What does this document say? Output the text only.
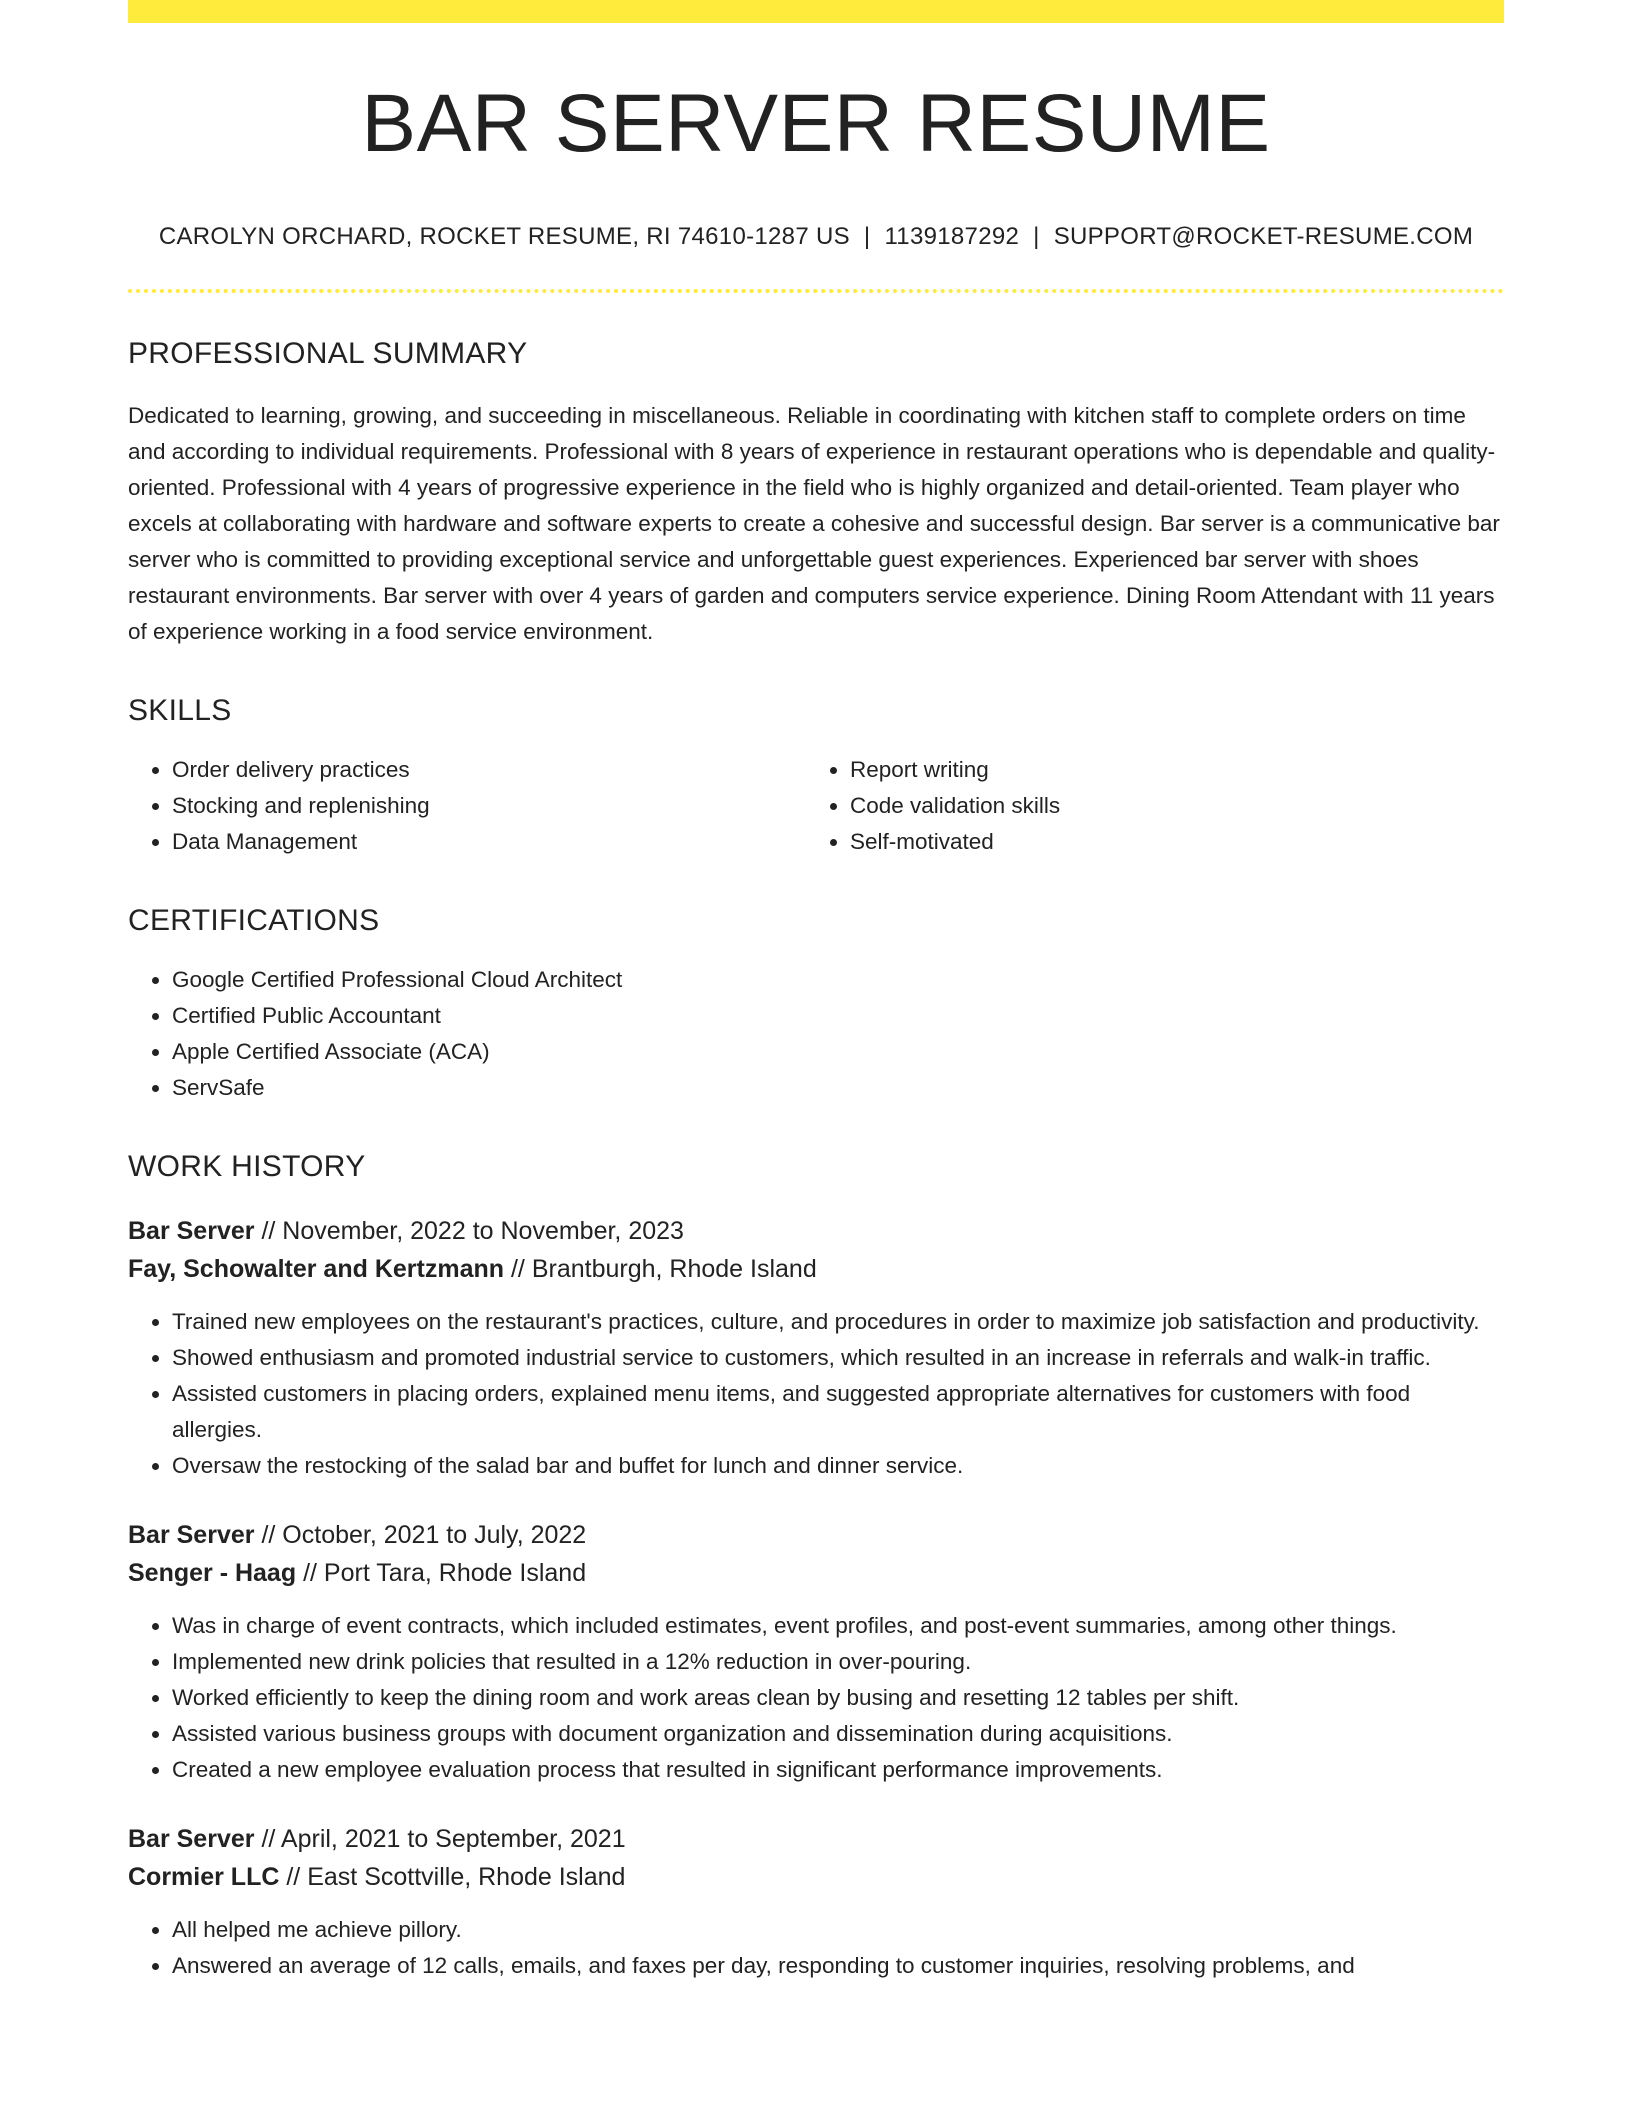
BAR SERVER RESUME
CAROLYN ORCHARD, ROCKET RESUME, RI 74610-1287 US | 1139187292 | SUPPORT@ROCKET-RESUME.COM
PROFESSIONAL SUMMARY

Dedicated to learning, growing, and succeeding in miscellaneous. Reliable in coordinating with kitchen staff to complete orders on time and according to individual requirements. Professional with 8 years of experience in restaurant operations who is dependable and quality-oriented. Professional with 4 years of progressive experience in the field who is highly organized and detail-oriented. Team player who excels at collaborating with hardware and software experts to create a cohesive and successful design. Bar server is a communicative bar server who is committed to providing exceptional service and unforgettable guest experiences. Experienced bar server with shoes restaurant environments. Bar server with over 4 years of garden and computers service experience. Dining Room Attendant with 11 years of experience working in a food service environment.

SKILLS
• Order delivery practices
• Stocking and replenishing
• Data Management
• Report writing
• Code validation skills
• Self-motivated
CERTIFICATIONS
• Google Certified Professional Cloud Architect
• Certified Public Accountant
• Apple Certified Associate (ACA)
• ServSafe
WORK HISTORY
Bar Server // November, 2022 to November, 2023
Fay, Schowalter and Kertzmann // Brantburgh, Rhode Island
• Trained new employees on the restaurant's practices, culture, and procedures in order to maximize job satisfaction and productivity.
• Showed enthusiasm and promoted industrial service to customers, which resulted in an increase in referrals and walk-in traffic.
• Assisted customers in placing orders, explained menu items, and suggested appropriate alternatives for customers with food allergies.
• Oversaw the restocking of the salad bar and buffet for lunch and dinner service.
Bar Server // October, 2021 to July, 2022
Senger - Haag // Port Tara, Rhode Island
• Was in charge of event contracts, which included estimates, event profiles, and post-event summaries, among other things.
• Implemented new drink policies that resulted in a 12% reduction in over-pouring.
• Worked efficiently to keep the dining room and work areas clean by busing and resetting 12 tables per shift.
• Assisted various business groups with document organization and dissemination during acquisitions.
• Created a new employee evaluation process that resulted in significant performance improvements.
Bar Server // April, 2021 to September, 2021
Cormier LLC // East Scottville, Rhode Island
• All helped me achieve pillory.
• Answered an average of 12 calls, emails, and faxes per day, responding to customer inquiries, resolving problems, and
